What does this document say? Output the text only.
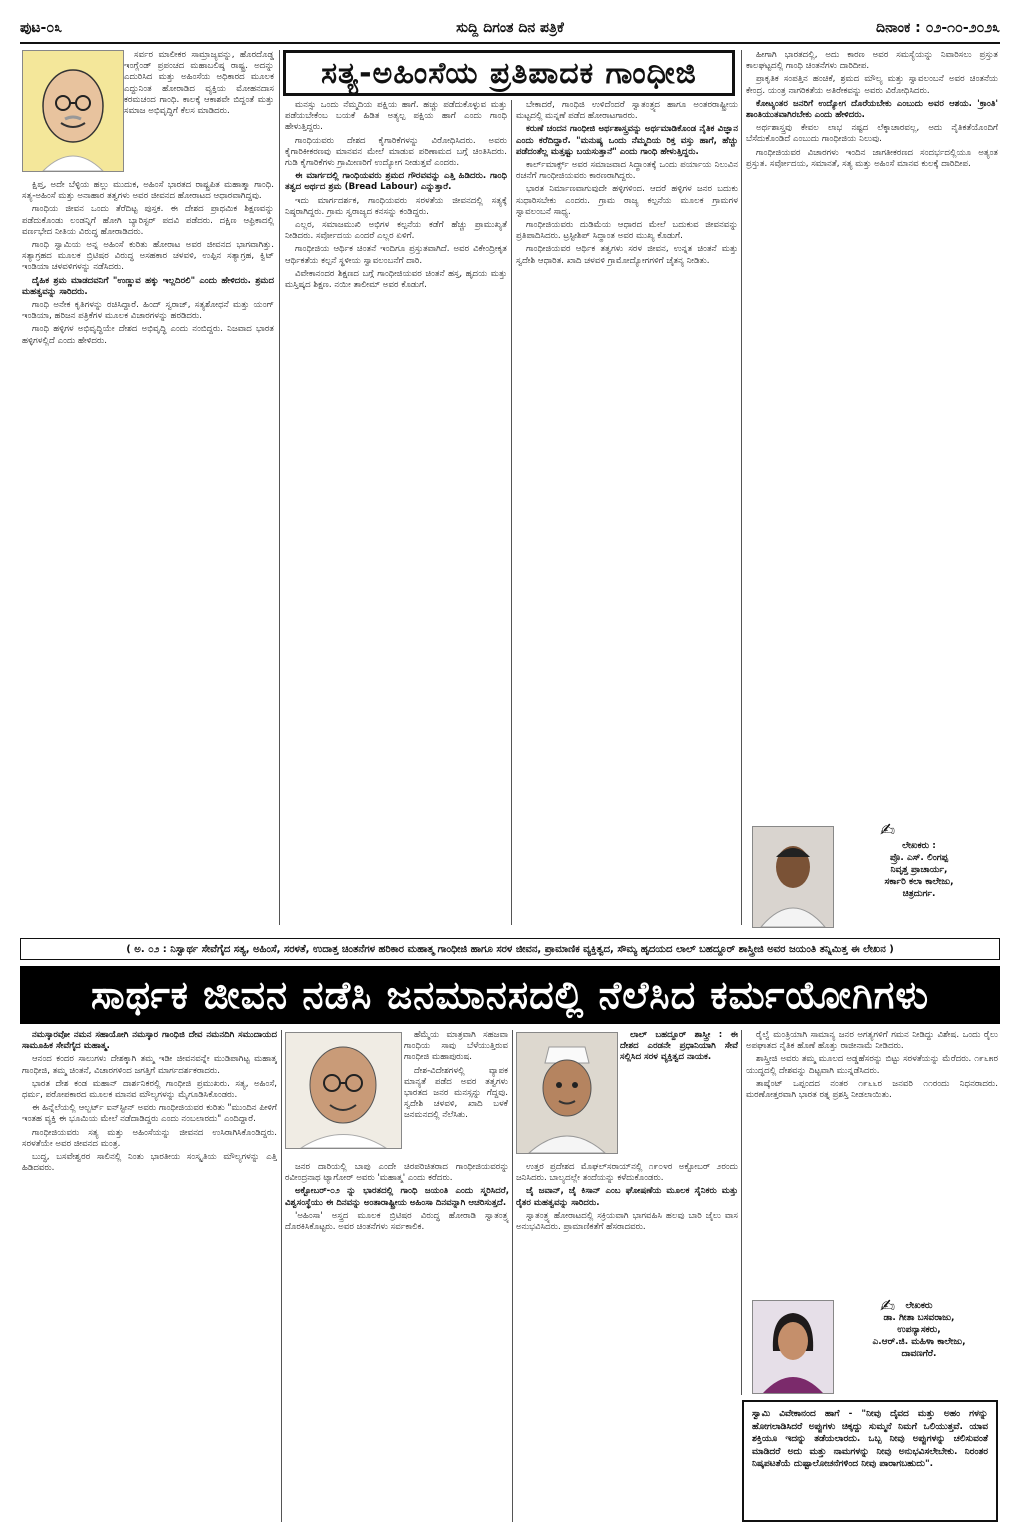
ಪುಟ-೦೩	ಸುದ್ದಿ ದಿಗಂತ ದಿನ ಪತ್ರಿಕೆ	ದಿನಾಂಕ : ೦೨-೧೦-೨೦೨೩

ಸರ್ವರ ಮಾಲೀಕರ ಸಾಮ್ರಾಜ್ಯವನ್ನು, ಹೊರದೊಡ್ಡ ಇಂಗ್ಲೆಂಡ್ ಪ್ರಪಂಚದ ಮಹಾಬಲಿಷ್ಠ ರಾಷ್ಟ್ರ. ಅದನ್ನು ಎದುರಿಸಿದ ಮತ್ತು ಅಹಿಂಸೆಯ ಅಧಿಕಾರದ ಮೂಲಕ ಎದ್ದುನಿಂತ ಹೋರಾಡಿದ ವ್ಯಕ್ತಿಯ ಮೋಹನದಾಸ ಕರಮಚಂದ ಗಾಂಧಿ. ಕಾಲಕ್ಕೆ ಆಕಾಶವೇ ಬಿದ್ದಂತೆ ಮತ್ತು ಸಮಾಜ ಅಭಿವೃದ್ಧಿಗೆ ಕೆಲಸ ಮಾಡಿದರು.

ಕ್ಷಿಪ್ತ, ಅದೇ ಬೆಳ್ಳಿಯ ಹಲ್ಲು ಮುದುಕ, ಅಹಿಂಸೆ ಭಾರತದ ರಾಷ್ಟ್ರಪಿತ ಮಹಾತ್ಮಾ ಗಾಂಧಿ. ಸತ್ಯ-ಅಹಿಂಸೆ ಮತ್ತು ಅನಾಹಾರ ತತ್ವಗಳು ಅವರ ಜೀವನದ ಹೋರಾಟದ ಆಧಾರವಾಗಿದ್ದವು.

ಗಾಂಧಿಯ ಜೀವನ ಒಂದು ತೆರೆದಿಟ್ಟ ಪುಸ್ತಕ. ಈ ದೇಶದ ಪ್ರಾಥಮಿಕ ಶಿಕ್ಷಣವನ್ನು ಪಡೆದುಕೊಂಡು ಲಂಡನ್ನಿಗೆ ಹೋಗಿ ಬ್ಯಾರಿಸ್ಟರ್ ಪದವಿ ಪಡೆದರು. ದಕ್ಷಿಣ ಆಫ್ರಿಕಾದಲ್ಲಿ ವರ್ಣಭೇದ ನೀತಿಯ ವಿರುದ್ಧ ಹೋರಾಡಿದರು.

ಗಾಂಧಿ ಸ್ವಾಮಿಯ ಅನ್ನ ಅಹಿಂಸೆ ಕುರಿತು ಹೋರಾಟ ಅವರ ಜೀವನದ ಭಾಗವಾಗಿತ್ತು. ಸತ್ಯಾಗ್ರಹದ ಮೂಲಕ ಬ್ರಿಟಿಷರ ವಿರುದ್ಧ ಅಸಹಕಾರ ಚಳವಳಿ, ಉಪ್ಪಿನ ಸತ್ಯಾಗ್ರಹ, ಕ್ವಿಟ್ ಇಂಡಿಯಾ ಚಳವಳಿಗಳನ್ನು ನಡೆಸಿದರು.

ದೈಹಿಕ ಶ್ರಮ ಮಾಡದವನಿಗೆ "ಉಣ್ಣುವ ಹಕ್ಕು ಇಲ್ಲದಿರಲಿ" ಎಂದು ಹೇಳಿದರು. ಶ್ರಮದ ಮಹತ್ವವನ್ನು ಸಾರಿದರು.

ಗಾಂಧಿ ಅನೇಕ ಕೃತಿಗಳನ್ನು ರಚಿಸಿದ್ದಾರೆ. ಹಿಂದ್ ಸ್ವರಾಜ್, ಸತ್ಯಶೋಧನೆ ಮತ್ತು ಯಂಗ್ ಇಂಡಿಯಾ, ಹರಿಜನ ಪತ್ರಿಕೆಗಳ ಮೂಲಕ ವಿಚಾರಗಳನ್ನು ಹರಡಿದರು.

ಗಾಂಧಿ ಹಳ್ಳಿಗಳ ಅಭಿವೃದ್ಧಿಯೇ ದೇಶದ ಅಭಿವೃದ್ಧಿ ಎಂದು ನಂಬಿದ್ದರು. ನಿಜವಾದ ಭಾರತ ಹಳ್ಳಿಗಳಲ್ಲಿದೆ ಎಂದು ಹೇಳಿದರು.

ಸತ್ಯ-ಅಹಿಂಸೆಯ ಪ್ರತಿಪಾದಕ ಗಾಂಧೀಜಿ

ಮನಸ್ಸು ಒಂದು ನೆಮ್ಮದಿಯ ಪಕ್ಷಿಯ ಹಾಗೆ. ಹಚ್ಚು ಪಡೆದುಕೊಳ್ಳುವ ಮತ್ತು ಪಡೆಯಬೇಕೆಂಬ ಬಯಕೆ ಹಿಡಿತ ಅತ್ಯಲ್ಪ ಪಕ್ಷಿಯ ಹಾಗೆ ಎಂದು ಗಾಂಧಿ ಹೇಳುತ್ತಿದ್ದರು.

ಗಾಂಧಿಯವರು ದೇಶದ ಕೈಗಾರಿಕೆಗಳನ್ನು ವಿರೋಧಿಸಿದರು. ಅವರು ಕೈಗಾರಿಕೀಕರಣವು ಮಾನವನ ಮೇಲೆ ಮಾಡುವ ಪರಿಣಾಮದ ಬಗ್ಗೆ ಚಿಂತಿಸಿದರು. ಗುಡಿ ಕೈಗಾರಿಕೆಗಳು ಗ್ರಾಮೀಣರಿಗೆ ಉದ್ಯೋಗ ನೀಡುತ್ತವೆ ಎಂದರು.

ಈ ಮಾರ್ಗದಲ್ಲಿ ಗಾಂಧಿಯವರು ಶ್ರಮದ ಗೌರವವನ್ನು ಎತ್ತಿ ಹಿಡಿದರು. ಗಾಂಧಿ ತತ್ವದ ಅರ್ಥದ ಶ್ರಮ (Bread Labour) ಎನ್ನುತ್ತಾರೆ.

ಇದು ಮಾರ್ಗದರ್ಶಕ, ಗಾಂಧಿಯವರು ಸರಳತೆಯ ಜೀವನದಲ್ಲಿ ಸತ್ಯಕ್ಕೆ ನಿಷ್ಠರಾಗಿದ್ದರು. ಗ್ರಾಮ ಸ್ವರಾಜ್ಯದ ಕನಸನ್ನು ಕಂಡಿದ್ದರು.

ಎಲ್ಲರ, ಸಮಾಜಮುಖಿ ಅಭಿಗಳ ಕಲ್ಪನೆಯ ಕಡೆಗೆ ಹೆಚ್ಚು ಪ್ರಾಮುಖ್ಯತೆ ನೀಡಿದರು. ಸರ್ವೋದಯ ಎಂದರೆ ಎಲ್ಲರ ಏಳಿಗೆ.

ಗಾಂಧೀಜಿಯ ಆರ್ಥಿಕ ಚಿಂತನೆ ಇಂದಿಗೂ ಪ್ರಸ್ತುತವಾಗಿದೆ. ಅವರ ವಿಕೇಂದ್ರೀಕೃತ ಆರ್ಥಿಕತೆಯ ಕಲ್ಪನೆ ಸ್ಥಳೀಯ ಸ್ವಾವಲಂಬನೆಗೆ ದಾರಿ.

ವಿವೇಕಾನಂದರ ಶಿಕ್ಷಣದ ಬಗ್ಗೆ ಗಾಂಧೀಜಿಯವರ ಚಿಂತನೆ ಹಸ್ತ, ಹೃದಯ ಮತ್ತು ಮಸ್ತಿಷ್ಕದ ಶಿಕ್ಷಣ. ನಯೀ ತಾಲೀಮ್ ಅವರ ಕೊಡುಗೆ.

ಬೇಕಾದರೆ, ಗಾಂಧಿಜಿ ಉಳಿದೆಂದರೆ ಸ್ವಾತಂತ್ರ್ಯದ ಹಾಗೂ ಅಂತರರಾಷ್ಟ್ರೀಯ ಮಟ್ಟದಲ್ಲಿ ಮನ್ನಣೆ ಪಡೆದ ಹೋರಾಟಗಾರರು.

ಕರುಣೆ ಚಂದನ ಗಾಂಧೀಜಿ ಅರ್ಥಶಾಸ್ತ್ರವನ್ನು ಅರ್ಥಮಾಡಿಕೊಂಡ ನೈತಿಕ ವಿಜ್ಞಾನ ಎಂದು ಕರೆದಿದ್ದಾರೆ. "ಮನುಷ್ಯ ಒಂದು ನೆಮ್ಮದಿಯ ರಿಕ್ತ ವಸ್ತು ಹಾಗೆ, ಹೆಚ್ಚು ಪಡೆದಂತೆಲ್ಲ ಮತ್ತಷ್ಟು ಬಯಸುತ್ತಾನೆ" ಎಂದು ಗಾಂಧಿ ಹೇಳುತ್ತಿದ್ದರು.

ಕಾರ್ಲ್‌ಮಾರ್ಕ್ಸ್ ಅವರ ಸಮಾಜವಾದ ಸಿದ್ಧಾಂತಕ್ಕೆ ಒಂದು ಪರ್ಯಾಯ ನಿಲುವಿನ ರಚನೆಗೆ ಗಾಂಧೀಜಿಯವರು ಕಾರಣರಾಗಿದ್ದರು.

ಭಾರತ ನಿರ್ಮಾಣವಾಗುವುದೇ ಹಳ್ಳಿಗಳಿಂದ. ಆದರೆ ಹಳ್ಳಿಗಳ ಜನರ ಬದುಕು ಸುಧಾರಿಸಬೇಕು ಎಂದರು. ಗ್ರಾಮ ರಾಜ್ಯ ಕಲ್ಪನೆಯ ಮೂಲಕ ಗ್ರಾಮಗಳ ಸ್ವಾವಲಂಬನೆ ಸಾಧ್ಯ.

ಗಾಂಧೀಜಿಯವರು ದುಡಿಮೆಯ ಆಧಾರದ ಮೇಲೆ ಬದುಕುವ ಜೀವನವನ್ನು ಪ್ರತಿಪಾದಿಸಿದರು. ಟ್ರಸ್ಟೀಶಿಪ್ ಸಿದ್ಧಾಂತ ಅವರ ಮುಖ್ಯ ಕೊಡುಗೆ.

ಗಾಂಧೀಜಿಯವರ ಆರ್ಥಿಕ ತತ್ವಗಳು ಸರಳ ಜೀವನ, ಉನ್ನತ ಚಿಂತನೆ ಮತ್ತು ಸ್ವದೇಶಿ ಆಧಾರಿತ. ಖಾದಿ ಚಳವಳಿ ಗ್ರಾಮೋದ್ಯೋಗಗಳಿಗೆ ಚೈತನ್ಯ ನೀಡಿತು.

ಹೀಗಾಗಿ ಭಾರತದಲ್ಲಿ, ಅದು ಕಾರಣ ಅವರ ಸಮಸ್ಯೆಯನ್ನು ನಿವಾರಿಸಲು ಪ್ರಸ್ತುತ ಕಾಲಘಟ್ಟದಲ್ಲಿ ಗಾಂಧಿ ಚಿಂತನೆಗಳು ದಾರಿದೀಪ.

ಪ್ರಾಕೃತಿಕ ಸಂಪತ್ತಿನ ಹಂಚಿಕೆ, ಶ್ರಮದ ಮೌಲ್ಯ ಮತ್ತು ಸ್ವಾವಲಂಬನೆ ಅವರ ಚಿಂತನೆಯ ಕೇಂದ್ರ. ಯಂತ್ರ ನಾಗರಿಕತೆಯ ಅತಿರೇಕವನ್ನು ಅವರು ವಿರೋಧಿಸಿದರು.

ಕೋಟ್ಯಂತರ ಜನರಿಗೆ ಉದ್ಯೋಗ ದೊರೆಯಬೇಕು ಎಂಬುದು ಅವರ ಆಶಯ. 'ಕ್ರಾಂತಿ' ಶಾಂತಿಯುತವಾಗಿರಬೇಕು ಎಂದು ಹೇಳಿದರು.

ಅರ್ಥಶಾಸ್ತ್ರವು ಕೇವಲ ಲಾಭ ನಷ್ಟದ ಲೆಕ್ಕಾಚಾರವಲ್ಲ, ಅದು ನೈತಿಕತೆಯೊಂದಿಗೆ ಬೆಸೆದುಕೊಂಡಿದೆ ಎಂಬುದು ಗಾಂಧೀಜಿಯ ನಿಲುವು.

ಗಾಂಧೀಜಿಯವರ ವಿಚಾರಗಳು ಇಂದಿನ ಜಾಗತೀಕರಣದ ಸಂದರ್ಭದಲ್ಲಿಯೂ ಅತ್ಯಂತ ಪ್ರಸ್ತುತ. ಸರ್ವೋದಯ, ಸಮಾನತೆ, ಸತ್ಯ ಮತ್ತು ಅಹಿಂಸೆ ಮಾನವ ಕುಲಕ್ಕೆ ದಾರಿದೀಪ.

✍
ಲೇಖಕರು :
ಪ್ರೊ. ಎಸ್. ಲಿಂಗಪ್ಪ
ನಿವೃತ್ತ ಪ್ರಾಚಾರ್ಯ,
ಸರ್ಕಾರಿ ಕಲಾ ಕಾಲೇಜು,
ಚಿತ್ರದುರ್ಗ.
( ಅ. ೦೨ : ನಿಸ್ವಾರ್ಥ ಸೇವೆಗೈದ ಸತ್ಯ, ಅಹಿಂಸೆ, ಸರಳತೆ, ಉದಾತ್ತ ಚಿಂತನೆಗಳ ಹರಿಕಾರ ಮಹಾತ್ಮ ಗಾಂಧೀಜಿ ಹಾಗೂ ಸರಳ ಜೀವನ, ಪ್ರಾಮಾಣಿಕ ವ್ಯಕ್ತಿತ್ವದ, ಸೌಮ್ಯ ಹೃದಯದ ಲಾಲ್ ಬಹದ್ದೂರ್ ಶಾಸ್ತ್ರೀಜಿ ಅವರ ಜಯಂತಿ ತನ್ನಿಮಿತ್ತ ಈ ಲೇಖನ )
ಸಾರ್ಥಕ ಜೀವನ ನಡೆಸಿ ಜನಮಾನಸದಲ್ಲಿ ನೆಲೆಸಿದ ಕರ್ಮಯೋಗಿಗಳು

ನಮಸ್ಕಾರವೋ ನಮನ ಸಹಾಯೋಗಿ ನಮಸ್ಕಾರ ಗಾಂಧಿಜಿ ದೇವ ನಮನದಿಗಿ ಸಮುದಾಯದ ಸಾಮೂಹಿಕ ಸೇವೆಗೈದ ಮಹಾತ್ಮ.

ಆನಂದ ಕಂದರ ಸಾಲುಗಳು ದೇಶಕ್ಕಾಗಿ ತಮ್ಮ ಇಡೀ ಜೀವನವನ್ನೇ ಮುಡಿಪಾಗಿಟ್ಟ ಮಹಾತ್ಮ ಗಾಂಧೀಜಿ, ತಮ್ಮ ಚಿಂತನೆ, ವಿಚಾರಗಳಿಂದ ಜಗತ್ತಿಗೆ ಮಾರ್ಗದರ್ಶಕರಾದರು.

ಭಾರತ ದೇಶ ಕಂಡ ಮಹಾನ್ ದಾರ್ಶನಿಕರಲ್ಲಿ ಗಾಂಧೀಜಿ ಪ್ರಮುಖರು. ಸತ್ಯ, ಅಹಿಂಸೆ, ಧರ್ಮ, ಪರೋಪಕಾರದ ಮೂಲಕ ಮಾನವ ಮೌಲ್ಯಗಳನ್ನು ಮೈಗೂಡಿಸಿಕೊಂಡರು.

ಈ ಹಿನ್ನೆಲೆಯಲ್ಲಿ ಆಲ್ಬರ್ಟ್ ಐನ್‌ಸ್ಟೀನ್ ಅವರು ಗಾಂಧೀಜಿಯವರ ಕುರಿತು "ಮುಂದಿನ ಪೀಳಿಗೆ ಇಂತಹ ವ್ಯಕ್ತಿ ಈ ಭೂಮಿಯ ಮೇಲೆ ನಡೆದಾಡಿದ್ದರು ಎಂದು ನಂಬಲಾರದು" ಎಂದಿದ್ದಾರೆ.

ಗಾಂಧೀಜಿಯವರು ಸತ್ಯ ಮತ್ತು ಅಹಿಂಸೆಯನ್ನು ಜೀವನದ ಉಸಿರಾಗಿಸಿಕೊಂಡಿದ್ದರು. ಸರಳತೆಯೇ ಅವರ ಜೀವನದ ಮಂತ್ರ.

ಬುದ್ಧ, ಬಸವೇಶ್ವರರ ಸಾಲಿನಲ್ಲಿ ನಿಂತು ಭಾರತೀಯ ಸಂಸ್ಕೃತಿಯ ಮೌಲ್ಯಗಳನ್ನು ಎತ್ತಿ ಹಿಡಿದವರು.

ಹೆಮ್ಮೆಯ ಮಾತ್ರವಾಗಿ ಸಹಜವಾ ಗಾಂಧಿಯ ಸಾವು ಬೆಳೆಯುತ್ತಿರುವ ಗಾಂಧೀಜಿ ಮಹಾಪುರುಷ.

ದೇಶ-ವಿದೇಶಗಳಲ್ಲಿ ವ್ಯಾಪಕ ಮಾನ್ಯತೆ ಪಡೆದ ಅವರ ತತ್ವಗಳು ಭಾರತದ ಜನರ ಮನಸ್ಸನ್ನು ಗೆದ್ದವು. ಸ್ವದೇಶಿ ಚಳವಳಿ, ಖಾದಿ ಬಳಕೆ ಜನಮನದಲ್ಲಿ ನೆಲೆಸಿತು.

ಜನರ ದಾರಿಯಲ್ಲಿ ಬಾಪು ಎಂದೇ ಚಿರಪರಿಚಿತರಾದ ಗಾಂಧೀಜಿಯವರನ್ನು ರವೀಂದ್ರನಾಥ ಟ್ಯಾಗೋರ್ ಅವರು 'ಮಹಾತ್ಮ' ಎಂದು ಕರೆದರು.

ಅಕ್ಟೋಬರ್-೦೨ ನ್ನು ಭಾರತದಲ್ಲಿ ಗಾಂಧಿ ಜಯಂತಿ ಎಂದು ಸ್ಮರಿಸಿದರೆ, ವಿಶ್ವಸಂಸ್ಥೆಯು ಈ ದಿನವನ್ನು ಅಂತಾರಾಷ್ಟ್ರೀಯ ಅಹಿಂಸಾ ದಿನವನ್ನಾಗಿ ಆಚರಿಸುತ್ತದೆ.

'ಅಹಿಂಸಾ' ಅಸ್ತ್ರದ ಮೂಲಕ ಬ್ರಿಟಿಷರ ವಿರುದ್ಧ ಹೋರಾಡಿ ಸ್ವಾತಂತ್ರ್ಯ ದೊರಕಿಸಿಕೊಟ್ಟರು. ಅವರ ಚಿಂತನೆಗಳು ಸರ್ವಕಾಲಿಕ.

ಲಾಲ್ ಬಹದ್ದೂರ್ ಶಾಸ್ತ್ರೀ : ಈ ದೇಶದ ಎರಡನೇ ಪ್ರಧಾನಿಯಾಗಿ ಸೇವೆ ಸಲ್ಲಿಸಿದ ಸರಳ ವ್ಯಕ್ತಿತ್ವದ ನಾಯಕ.

ಉತ್ತರ ಪ್ರದೇಶದ ಮೊಘಲ್‌ಸರಾಯ್‌ನಲ್ಲಿ ೧೯೦೪ರ ಅಕ್ಟೋಬರ್ ೨ರಂದು ಜನಿಸಿದರು. ಬಾಲ್ಯದಲ್ಲೇ ತಂದೆಯನ್ನು ಕಳೆದುಕೊಂಡರು.

ಜೈ ಜವಾನ್, ಜೈ ಕಿಸಾನ್ ಎಂಬ ಘೋಷಣೆಯ ಮೂಲಕ ಸೈನಿಕರು ಮತ್ತು ರೈತರ ಮಹತ್ವವನ್ನು ಸಾರಿದರು.

ಸ್ವಾತಂತ್ರ್ಯ ಹೋರಾಟದಲ್ಲಿ ಸಕ್ರಿಯವಾಗಿ ಭಾಗವಹಿಸಿ ಹಲವು ಬಾರಿ ಜೈಲು ವಾಸ ಅನುಭವಿಸಿದರು. ಪ್ರಾಮಾಣಿಕತೆಗೆ ಹೆಸರಾದವರು.

ರೈಲ್ವೆ ಮಂತ್ರಿಯಾಗಿ ಸಾಮಾನ್ಯ ಜನರ ಅಗತ್ಯಗಳಿಗೆ ಗಮನ ನೀಡಿದ್ದು ವಿಶೇಷ. ಒಂದು ರೈಲು ಅಪಘಾತದ ನೈತಿಕ ಹೊಣೆ ಹೊತ್ತು ರಾಜೀನಾಮೆ ನೀಡಿದರು.

ಶಾಸ್ತ್ರೀಜಿ ಅವರು ತಮ್ಮ ಮೂಲದ ಅಡ್ಡಹೆಸರನ್ನು ಬಿಟ್ಟು ಸರಳತೆಯನ್ನು ಮೆರೆದರು. ೧೯೬೫ರ ಯುದ್ಧದಲ್ಲಿ ದೇಶವನ್ನು ದಿಟ್ಟವಾಗಿ ಮುನ್ನಡೆಸಿದರು.

ತಾಷ್ಕೆಂಟ್ ಒಪ್ಪಂದದ ನಂತರ ೧೯೬೬ರ ಜನವರಿ ೧೧ರಂದು ನಿಧನರಾದರು. ಮರಣೋತ್ತರವಾಗಿ ಭಾರತ ರತ್ನ ಪ್ರಶಸ್ತಿ ನೀಡಲಾಯಿತು.

✍	ಲೇಖಕರು
ಡಾ. ಗೀತಾ ಬಸವರಾಜು,
ಉಪನ್ಯಾಸಕರು,
ಎ.ಆರ್.ಜಿ. ಮಹಿಳಾ ಕಾಲೇಜು,
ದಾವಣಗೆರೆ.
ಸ್ವಾಮಿ ವಿವೇಕಾನಂದ ಹಾಗೆ - "ನೀವು ದೈವದ ಮತ್ತು ಅಹಂ ಗಳನ್ನು ಹೋಗಲಾಡಿಸಿದರೆ ಅಪ್ಪುಗಳು ಚಿಕ್ಕದ್ದು ಸುಮ್ಮನೆ ನಿಮಗೆ ಒಲಿಯುತ್ತವೆ. ಯಾವ ಶಕ್ತಿಯೂ ಇದನ್ನು ತಡೆಯಲಾರದು. ಒಬ್ಬ ನೀವು ಅಪ್ಪುಗಳನ್ನು ಚಲಿಸುವಂತೆ ಮಾಡಿದರೆ ಅದು ಮತ್ತು ನಾಮಗಳನ್ನು ನೀವು ಅನುಭವಿಸಲೇಬೇಕು. ನಿರಂತರ ನಿಷ್ಕಪಟತೆಯೆ ದುಷ್ಟಾಲೋಚನೆಗಳಿಂದ ನೀವು ಪಾರಾಗಬಹುದು".
